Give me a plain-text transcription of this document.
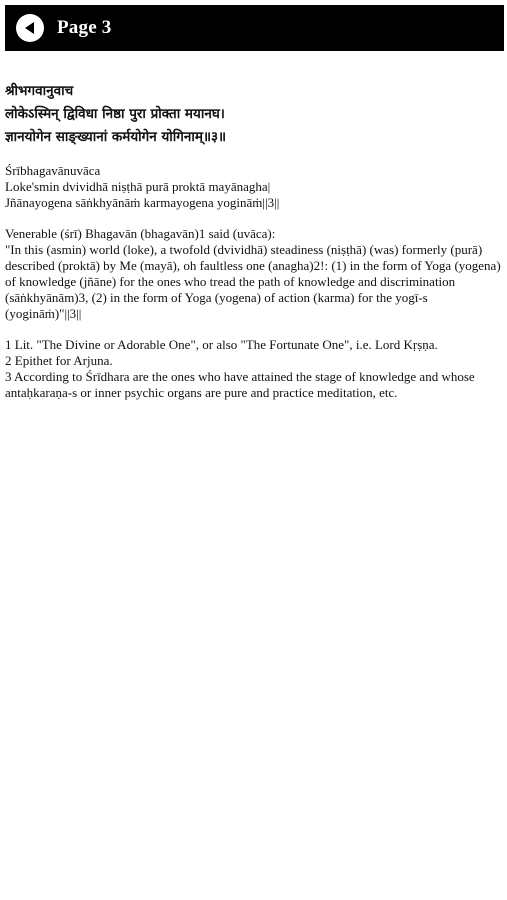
Page 3
श्रीभगवानुवाच
लोकेऽस्मिन् द्विविधा निष्ठा पुरा प्रोक्ता मयानघ।
ज्ञानयोगेन साङ्ख्यानां कर्मयोगेन योगिनाम्॥३॥
Śrībhagavānuvāca
Loke'smin dvividhā niṣṭhā purā proktā mayānagha|
Jñānayogena sāṅkhyānāṁ karmayogena yogināṁ||3||
Venerable (śrī) Bhagavān (bhagavān)1 said (uvāca):
"In this (asmin) world (loke), a twofold (dvividhā) steadiness (niṣṭhā) (was) formerly (purā) described (proktā) by Me (mayā), oh faultless one (anagha)2!: (1) in the form of Yoga (yogena) of knowledge (jñāne) for the ones who tread the path of knowledge and discrimination (sāṅkhyānām)3, (2) in the form of Yoga (yogena) of action (karma) for the yogī-s (yogināṁ)"||3||
1 Lit. "The Divine or Adorable One", or also "The Fortunate One", i.e. Lord Kṛṣṇa.
2 Epithet for Arjuna.
3 According to Śrīdhara are the ones who have attained the stage of knowledge and whose antaḥkaraṇa-s or inner psychic organs are pure and practice meditation, etc.
